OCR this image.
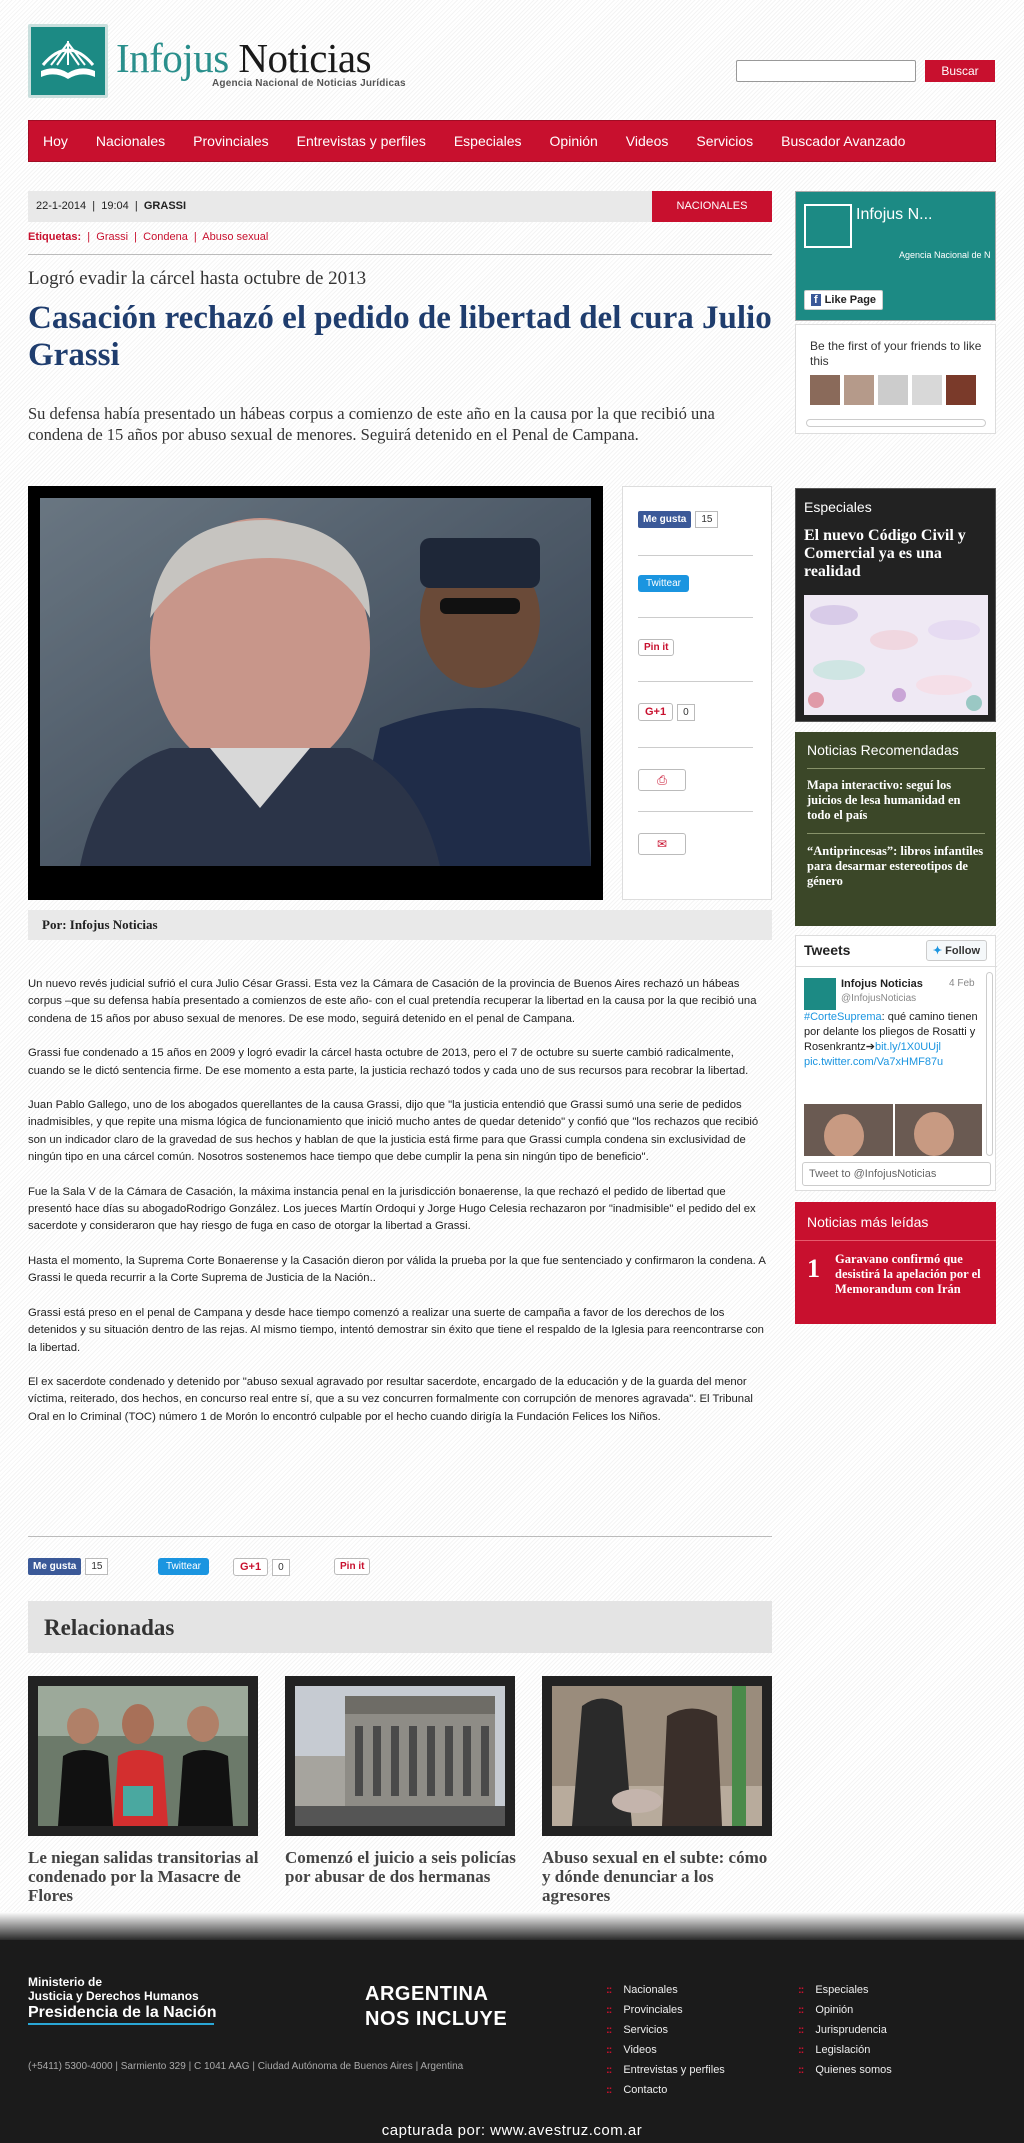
Infojus Noticias
Agencia Nacional de Noticias Jurídicas
Buscar
Hoy Nacionales Provinciales Entrevistas y perfiles Especiales Opinión Videos Servicios Buscador Avanzado
22-1-2014  |  19:04  |  GRASSI	NACIONALES
Etiquetas:  |  Grassi  |  Condena  |  Abuso sexual
Logró evadir la cárcel hasta octubre de 2013
Casación rechazó el pedido de libertad del cura Julio Grassi
Su defensa había presentado un hábeas corpus a comienzo de este año en la causa por la que recibió una condena de 15 años por abuso sexual de menores. Seguirá detenido en el Penal de Campana.
Me gusta 15
Twittear
Pin it
G+1 0
⎙
✉
Por: Infojus Noticias

Un nuevo revés judicial sufrió el cura Julio César Grassi. Esta vez la Cámara de Casación de la provincia de Buenos Aires rechazó un hábeas corpus –que su defensa había presentado a comienzos de este año- con el cual pretendía recuperar la libertad en la causa por la que recibió una condena de 15 años por abuso sexual de menores. De ese modo, seguirá detenido en el penal de Campana.

Grassi fue condenado a 15 años en 2009 y logró evadir la cárcel hasta octubre de 2013, pero el 7 de octubre su suerte cambió radicalmente, cuando se le dictó sentencia firme. De ese momento a esta parte, la justicia rechazó todos y cada uno de sus recursos para recobrar la libertad.

Juan Pablo Gallego, uno de los abogados querellantes de la causa Grassi, dijo que "la justicia entendió que Grassi sumó una serie de pedidos inadmisibles, y que repite una misma lógica de funcionamiento que inició mucho antes de quedar detenido" y confió que "los rechazos que recibió son un indicador claro de la gravedad de sus hechos y hablan de que la justicia está firme para que Grassi cumpla condena sin exclusividad de ningún tipo en una cárcel común. Nosotros sostenemos hace tiempo que debe cumplir la pena sin ningún tipo de beneficio".

Fue la Sala V de la Cámara de Casación, la máxima instancia penal en la jurisdicción bonaerense, la que rechazó el pedido de libertad que presentó hace días su abogadoRodrigo González. Los jueces Martín Ordoqui y Jorge Hugo Celesia rechazaron por "inadmisible" el pedido del ex sacerdote y consideraron que hay riesgo de fuga en caso de otorgar la libertad a Grassi.

Hasta el momento, la Suprema Corte Bonaerense y la Casación dieron por válida la prueba por la que fue sentenciado y confirmaron la condena. A Grassi le queda recurrir a la Corte Suprema de Justicia de la Nación..

Grassi está preso en el penal de Campana y desde hace tiempo comenzó a realizar una suerte de campaña a favor de los derechos de los detenidos y su situación dentro de las rejas. Al mismo tiempo, intentó demostrar sin éxito que tiene el respaldo de la Iglesia para reencontrarse con la libertad.

El ex sacerdote condenado y detenido por "abuso sexual agravado por resultar sacerdote, encargado de la educación y de la guarda del menor víctima, reiterado, dos hechos, en concurso real entre sí, que a su vez concurren formalmente con corrupción de menores agravada". El Tribunal Oral en lo Criminal (TOC) número 1 de Morón lo encontró culpable por el hecho cuando dirigía la Fundación Felices los Niños.

Me gusta 15	Twittear	G+1 0	Pin it
Relacionadas
Le niegan salidas transitorias al condenado por la Masacre de Flores
Comenzó el juicio a seis policías por abusar de dos hermanas
Abuso sexual en el subte: cómo y dónde denunciar a los agresores
Infojus N...
Agencia Nacional de N
f Like Page
Be the first of your friends to like this
Especiales
El nuevo Código Civil y Comercial ya es una realidad
Noticias Recomendadas
Mapa interactivo: seguí los juicios de lesa humanidad en todo el país
“Antiprincesas”: libros infantiles para desarmar estereotipos de género
Tweets	✦ Follow
Infojus Noticias
@InfojusNoticias
4 Feb
#CorteSuprema: qué camino tienen por delante los pliegos de Rosatti y Rosenkrantz➔bit.ly/1X0UUjl pic.twitter.com/Va7xHMF87u
Tweet to @InfojusNoticias
Noticias más leídas
1 Garavano confirmó que desistirá la apelación por el Memorandum con Irán
Ministerio de
Justicia y Derechos Humanos
Presidencia de la Nación
ARGENTINA
NOS INCLUYE
(+5411) 5300-4000 | Sarmiento 329 | C 1041 AAG | Ciudad Autónoma de Buenos Aires | Argentina
:: Nacionales
:: Provinciales
:: Servicios
:: Videos
:: Entrevistas y perfiles
:: Contacto
:: Especiales
:: Opinión
:: Jurisprudencia
:: Legislación
:: Quienes somos
capturada por: www.avestruz.com.ar
